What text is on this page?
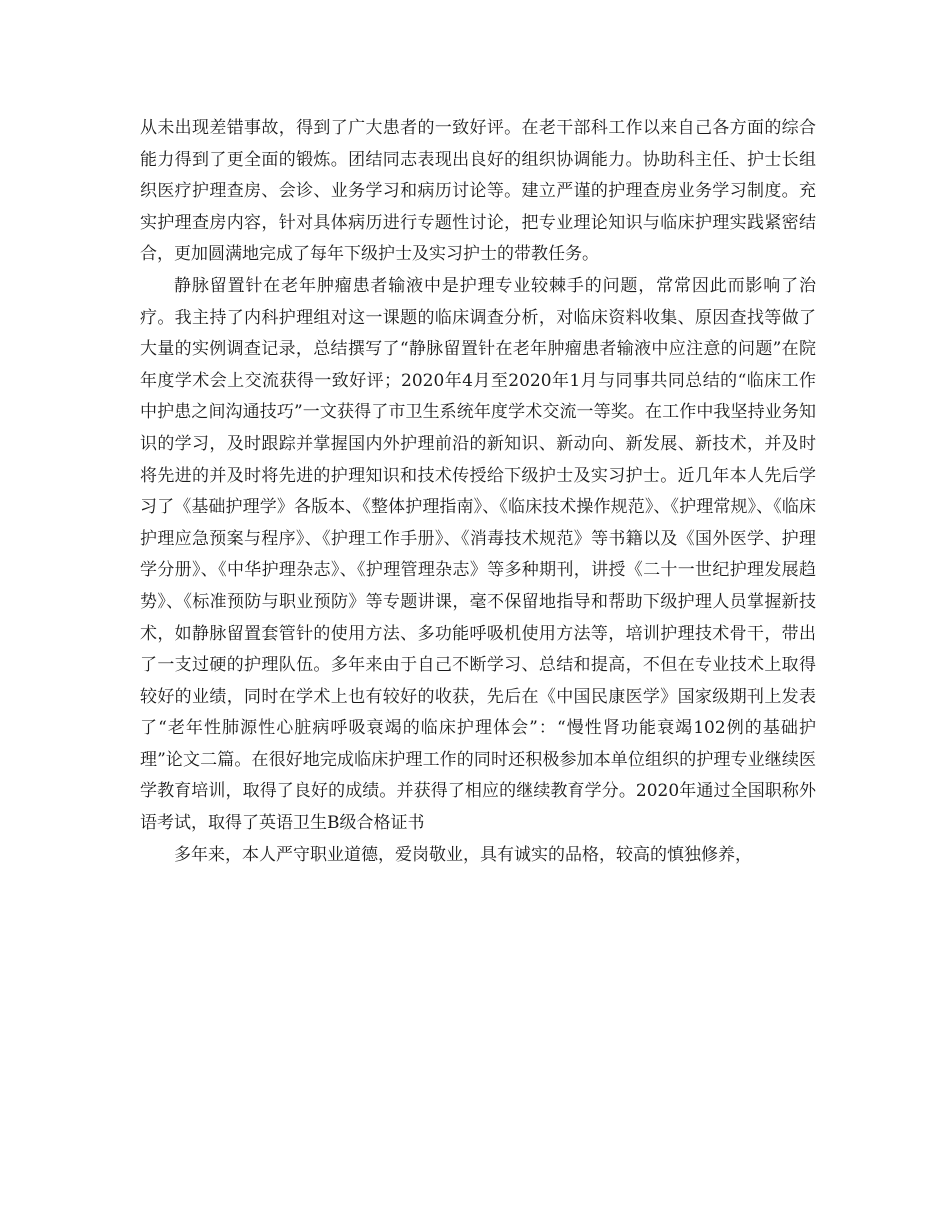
从未出现差错事故，得到了广大患者的一致好评。在老干部科工作以来自己各方面的综合能力得到了更全面的锻炼。团结同志表现出良好的组织协调能力。协助科主任、护士长组织医疗护理查房、会诊、业务学习和病历讨论等。建立严谨的护理查房业务学习制度。充实护理查房内容，针对具体病历进行专题性讨论，把专业理论知识与临床护理实践紧密结合，更加圆满地完成了每年下级护士及实习护士的带教任务。

静脉留置针在老年肿瘤患者输液中是护理专业较棘手的问题，常常因此而影响了治疗。我主持了内科护理组对这一课题的临床调查分析，对临床资料收集、原因查找等做了大量的实例调查记录，总结撰写了“静脉留置针在老年肿瘤患者输液中应注意的问题”在院年度学术会上交流获得一致好评；2020年4月至2020年1月与同事共同总结的“临床工作中护患之间沟通技巧”一文获得了市卫生系统年度学术交流一等奖。在工作中我坚持业务知识的学习，及时跟踪并掌握国内外护理前沿的新知识、新动向、新发展、新技术，并及时将先进的并及时将先进的护理知识和技术传授给下级护士及实习护士。近几年本人先后学习了《基础护理学》各版本、《整体护理指南》、《临床技术操作规范》、《护理常规》、《临床护理应急预案与程序》、《护理工作手册》、《消毒技术规范》等书籍以及《国外医学、护理学分册》、《中华护理杂志》、《护理管理杂志》等多种期刊，讲授《二十一世纪护理发展趋势》、《标准预防与职业预防》等专题讲课，毫不保留地指导和帮助下级护理人员掌握新技术，如静脉留置套管针的使用方法、多功能呼吸机使用方法等，培训护理技术骨干，带出了一支过硬的护理队伍。多年来由于自己不断学习、总结和提高，不但在专业技术上取得较好的业绩，同时在学术上也有较好的收获，先后在《中国民康医学》国家级期刊上发表了“老年性肺源性心脏病呼吸衰竭的临床护理体会”：“慢性肾功能衰竭102例的基础护理”论文二篇。在很好地完成临床护理工作的同时还积极参加本单位组织的护理专业继续医学教育培训，取得了良好的成绩。并获得了相应的继续教育学分。2020年通过全国职称外语考试，取得了英语卫生B级合格证书

多年来，本人严守职业道德，爱岗敬业，具有诚实的品格，较高的慎独修养，
